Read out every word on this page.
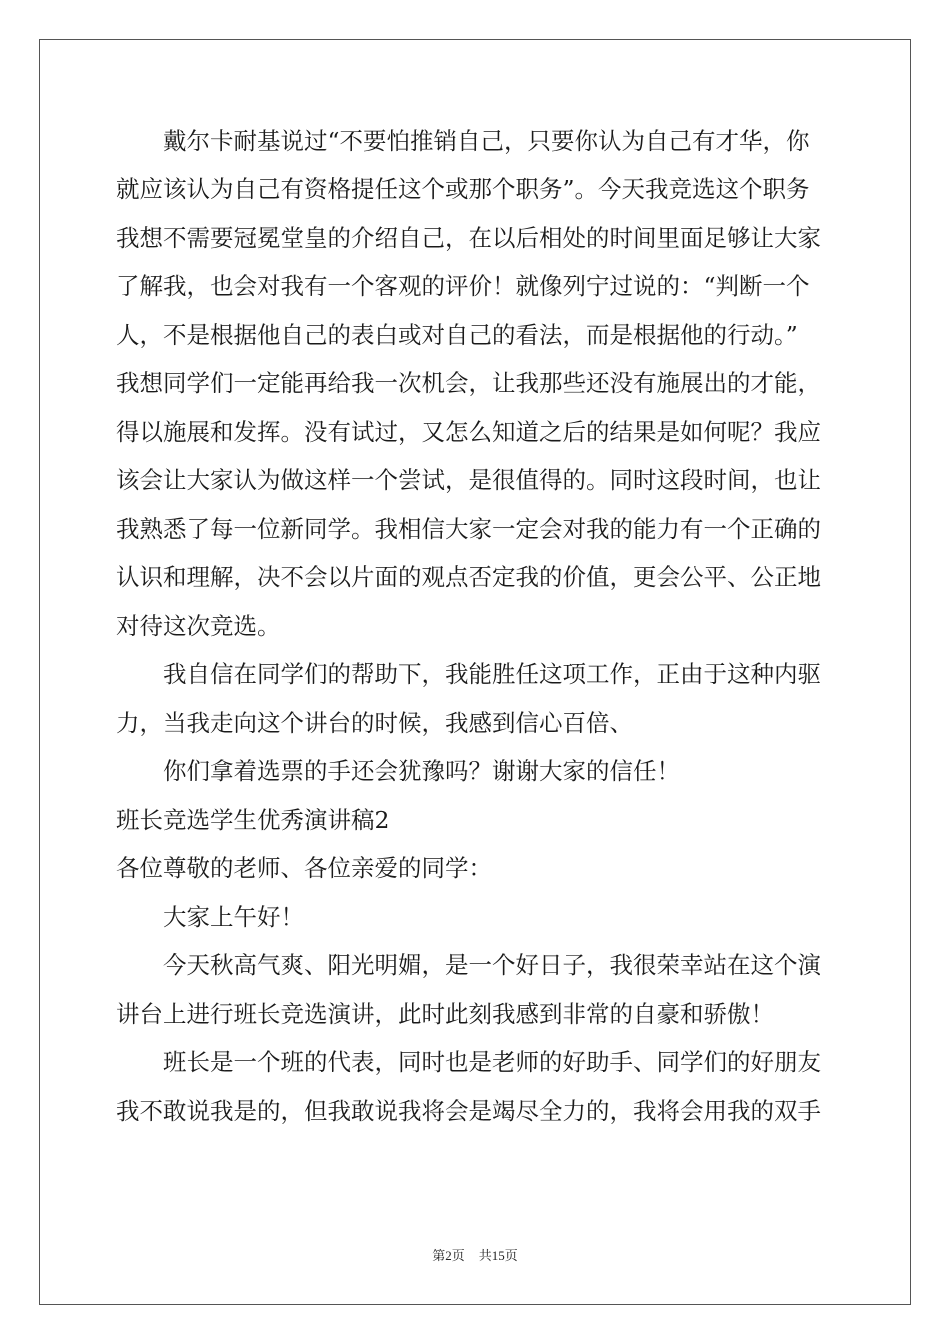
戴尔卡耐基说过“不要怕推销自己，只要你认为自己有才华，你
就应该认为自己有资格提任这个或那个职务”。今天我竞选这个职务
我想不需要冠冕堂皇的介绍自己，在以后相处的时间里面足够让大家
了解我，也会对我有一个客观的评价！就像列宁过说的：“判断一个
人，不是根据他自己的表白或对自己的看法，而是根据他的行动。”
我想同学们一定能再给我一次机会，让我那些还没有施展出的才能，
得以施展和发挥。没有试过，又怎么知道之后的结果是如何呢？我应
该会让大家认为做这样一个尝试，是很值得的。同时这段时间，也让
我熟悉了每一位新同学。我相信大家一定会对我的能力有一个正确的
认识和理解，决不会以片面的观点否定我的价值，更会公平、公正地
对待这次竞选。
我自信在同学们的帮助下，我能胜任这项工作，正由于这种内驱
力，当我走向这个讲台的时候，我感到信心百倍、
你们拿着选票的手还会犹豫吗？谢谢大家的信任！
班长竞选学生优秀演讲稿2
各位尊敬的老师、各位亲爱的同学：
大家上午好！
今天秋高气爽、阳光明媚，是一个好日子，我很荣幸站在这个演
讲台上进行班长竞选演讲，此时此刻我感到非常的自豪和骄傲！
班长是一个班的代表，同时也是老师的好助手、同学们的好朋友
我不敢说我是的，但我敢说我将会是竭尽全力的，我将会用我的双手
第2页 共15页
